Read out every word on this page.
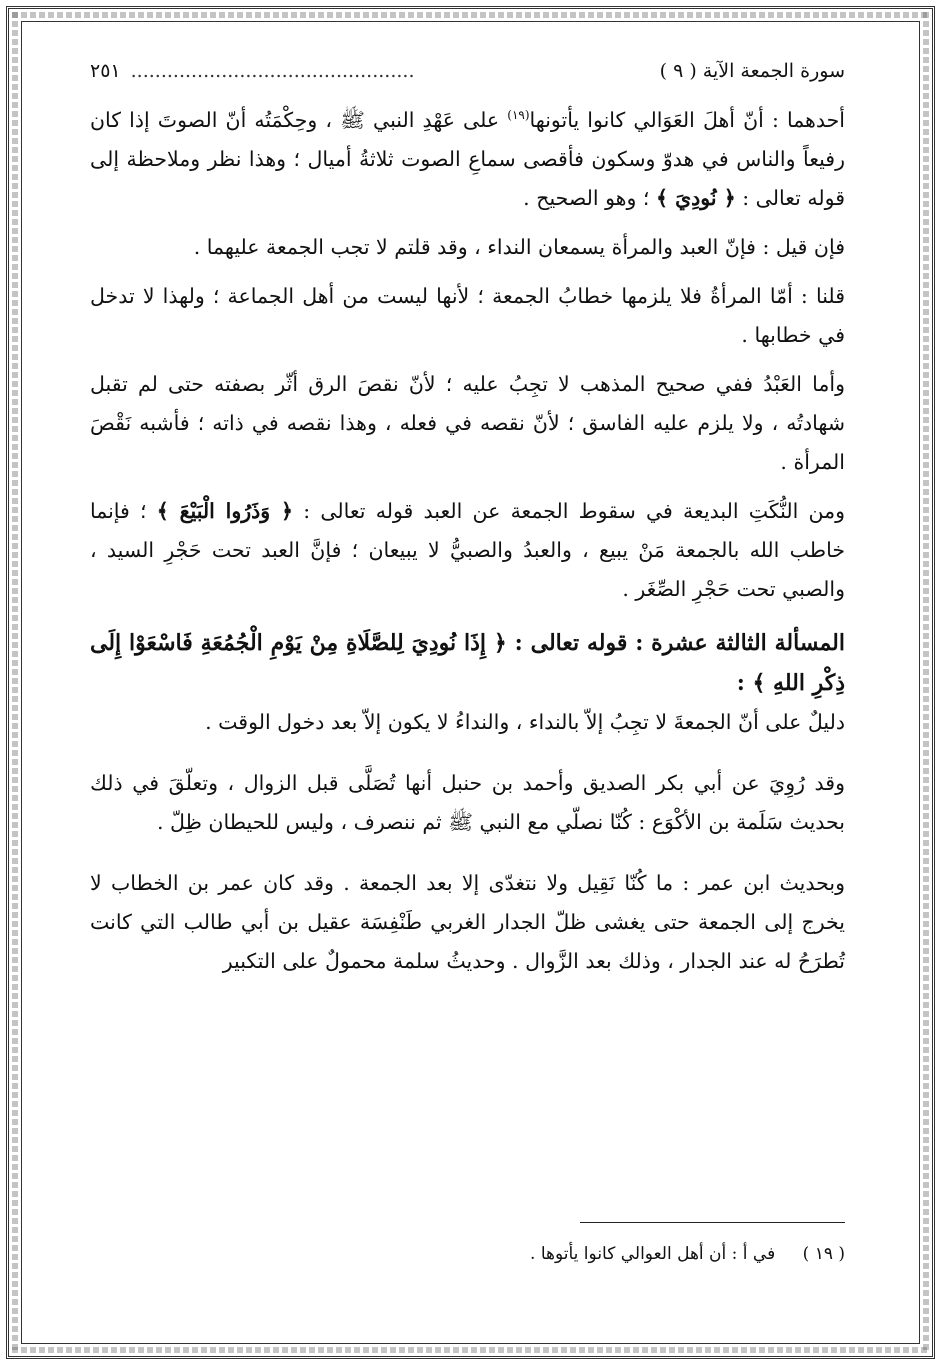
سورة الجمعة الآية ( ٩ )
...............................................
٢٥١

أحدهما : أنّ أهلَ العَوَالي كانوا يأتونها$^{(١٩)}$ على عَهْدِ النبي ﷺ ، وحِكْمَتُه أنّ الصوتَ إذا كان رفيعاً والناس في هدوّ وسكون فأقصى سماعِ الصوت ثلاثةُ أميال ؛ وهذا نظر وملاحظة إلى قوله تعالى : ﴿ نُودِيَ ﴾ ؛ وهو الصحيح .

فإن قيل : فإنّ العبد والمرأة يسمعان النداء ، وقد قلتم لا تجب الجمعة عليهما .

قلنا : أمّا المرأةُ فلا يلزمها خطابُ الجمعة ؛ لأنها ليست من أهل الجماعة ؛ ولهذا لا تدخل في خطابها .

وأما العَبْدُ ففي صحيح المذهب لا تجِبُ عليه ؛ لأنّ نقصَ الرق أثّر بصفته حتى لم تقبل شهادتُه ، ولا يلزم عليه الفاسق ؛ لأنّ نقصه في فعله ، وهذا نقصه في ذاته ؛ فأشبه نَقْصَ المرأة .

ومن النُّكَتِ البديعة في سقوط الجمعة عن العبد قوله تعالى : ﴿ وَذَرُوا الْبَيْعَ ﴾ ؛ فإنما خاطب الله بالجمعة مَنْ يبيع ، والعبدُ والصبيُّ لا يبيعان ؛ فإنَّ العبد تحت حَجْرِ السيد ، والصبي تحت حَجْرِ الصِّغَر .

المسألة الثالثة عشرة : قوله تعالى : ﴿ إِذَا نُودِيَ لِلصَّلَاةِ مِنْ يَوْمِ الْجُمُعَةِ فَاسْعَوْا إِلَى ذِكْرِ اللهِ ﴾ :

دليلٌ على أنّ الجمعةَ لا تجِبُ إلاّ بالنداء ، والنداءُ لا يكون إلاّ بعد دخول الوقت .

وقد رُوِيَ عن أبي بكر الصديق وأحمد بن حنبل أنها تُصَلَّى قبل الزوال ، وتعلّقَ في ذلك بحديث سَلَمة بن الأكْوَع : كُنّا نصلّي مع النبي ﷺ ثم ننصرف ، وليس للحيطان ظِلّ .

وبحديث ابن عمر : ما كُنّا نَقِيل ولا نتغدّى إلا بعد الجمعة . وقد كان عمر بن الخطاب لا يخرج إلى الجمعة حتى يغشى ظلّ الجدار الغربي طَنْفِسَة عقيل بن أبي طالب التي كانت تُطرَحُ له عند الجدار ، وذلك بعد الزَّوال . وحديثُ سلمة محمولٌ على التكبير

( ١٩ ) في أ : أن أهل العوالي كانوا يأتوها .
